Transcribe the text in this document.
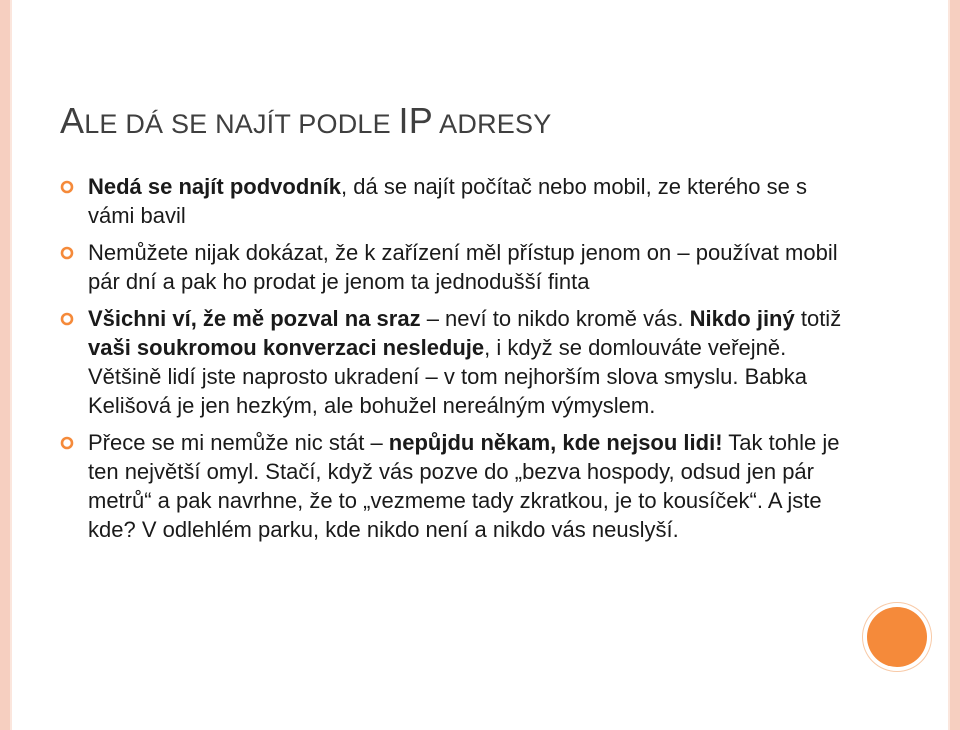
ALE DÁ SE NAJÍT PODLE IP ADRESY
Nedá se najít podvodník, dá se najít počítač nebo mobil, ze kterého se s vámi bavil
Nemůžete nijak dokázat, že k zařízení měl přístup jenom on – používat mobil pár dní a pak ho prodat je jenom ta jednodušší finta
Všichni ví, že mě pozval na sraz – neví to nikdo kromě vás. Nikdo jiný totiž vaši soukromou konverzaci nesleduje, i když se domlouváte veřejně. Většině lidí jste naprosto ukradení – v tom nejhorším slova smyslu. Babka Kelišová je jen hezkým, ale bohužel nereálným výmyslem.
Přece se mi nemůže nic stát – nepůjdu někam, kde nejsou lidi! Tak tohle je ten největší omyl. Stačí, když vás pozve do „bezva hospody, odsud jen pár metrů“ a pak navrhne, že to „vezmeme tady zkratkou, je to kousíček“. A jste kde? V odlehlém parku, kde nikdo není a nikdo vás neuslyší.
